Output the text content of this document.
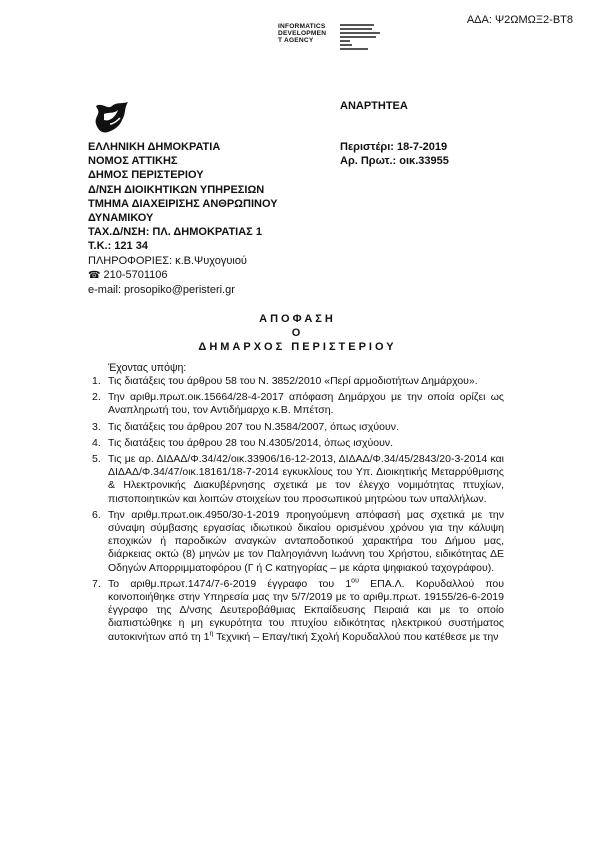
ΑΔΑ: Ψ2ΩΜΩΞ2-ΒΤ8
INFORMATICS
DEVELOPMEN
T AGENCY
ΑΝΑΡΤΗΤΕΑ
Περιστέρι: 18-7-2019
Αρ. Πρωτ.: οικ.33955
ΕΛΛΗΝΙΚΗ ΔΗΜΟΚΡΑΤΙΑ
ΝΟΜΟΣ ΑΤΤΙΚΗΣ
ΔΗΜΟΣ ΠΕΡΙΣΤΕΡΙΟΥ
Δ/ΝΣΗ ΔΙΟΙΚΗΤΙΚΩΝ ΥΠΗΡΕΣΙΩΝ
ΤΜΗΜΑ ΔΙΑΧΕΙΡΙΣΗΣ ΑΝΘΡΩΠΙΝΟΥ
ΔΥΝΑΜΙΚΟΥ
ΤΑΧ.Δ/ΝΣΗ: ΠΛ. ΔΗΜΟΚΡΑΤΙΑΣ 1
Τ.Κ.: 121 34
ΠΛΗΡΟΦΟΡΙΕΣ: κ.Β.Ψυχογυιού
☎ 210-5701106
e-mail: prosopiko@peristeri.gr
ΑΠΟΦΑΣΗ
Ο
ΔΗΜΑΡΧΟΣ ΠΕΡΙΣΤΕΡΙΟΥ
Έχοντας υπόψη:
1. Τις διατάξεις του άρθρου 58 του Ν. 3852/2010 «Περί αρμοδιοτήτων Δημάρχου».
2. Την αριθμ.πρωτ.οικ.15664/28-4-2017 απόφαση Δημάρχου με την οποία ορίζει ως Αναπληρωτή του, τον Αντιδήμαρχο κ.Β. Μπέτση.
3. Τις διατάξεις του άρθρου 207 του Ν.3584/2007, όπως ισχύουν.
4. Τις διατάξεις του άρθρου 28 του Ν.4305/2014, όπως ισχύουν.
5. Τις με αρ. ΔΙΔΑΔ/Φ.34/42/οικ.33906/16-12-2013, ΔΙΔΑΔ/Φ.34/45/2843/20-3-2014 και ΔΙΔΑΔ/Φ.34/47/οικ.18161/18-7-2014 εγκυκλίους του Υπ. Διοικητικής Μεταρρύθμισης & Ηλεκτρονικής Διακυβέρνησης σχετικά με τον έλεγχο νομιμότητας πτυχίων, πιστοποιητικών και λοιπών στοιχείων του προσωπικού μητρώου των υπαλλήλων.
6. Την αριθμ.πρωτ.οικ.4950/30-1-2019 προηγούμενη απόφασή μας σχετικά με την σύναψη σύμβασης εργασίας ιδιωτικού δικαίου ορισμένου χρόνου για την κάλυψη εποχικών ή παροδικών αναγκών ανταποδοτικού χαρακτήρα του Δήμου μας, διάρκειας οκτώ (8) μηνών με τον Παληογιάννη Ιωάννη του Χρήστου, ειδικότητας ΔΕ Οδηγών Απορριμματοφόρου (Γ ή C κατηγορίας – με κάρτα ψηφιακού ταχογράφου).
7. Το αριθμ.πρωτ.1474/7-6-2019 έγγραφο του $1^{o\upsilon}$ ΕΠΑ.Λ. Κορυδαλλού που κοινοποιήθηκε στην Υπηρεσία μας την 5/7/2019 με το αριθμ.πρωτ. 19155/26-6-2019 έγγραφο της Δ/νσης Δευτεροβάθμιας Εκπαίδευσης Πειραιά και με το οποίο διαπιστώθηκε η μη εγκυρότητα του πτυχίου ειδικότητας ηλεκτρικού συστήματος αυτοκινήτων από τη $1^\eta$ Τεχνική – Επαγ/τική Σχολή Κορυδαλλού που κατέθεσε με την
